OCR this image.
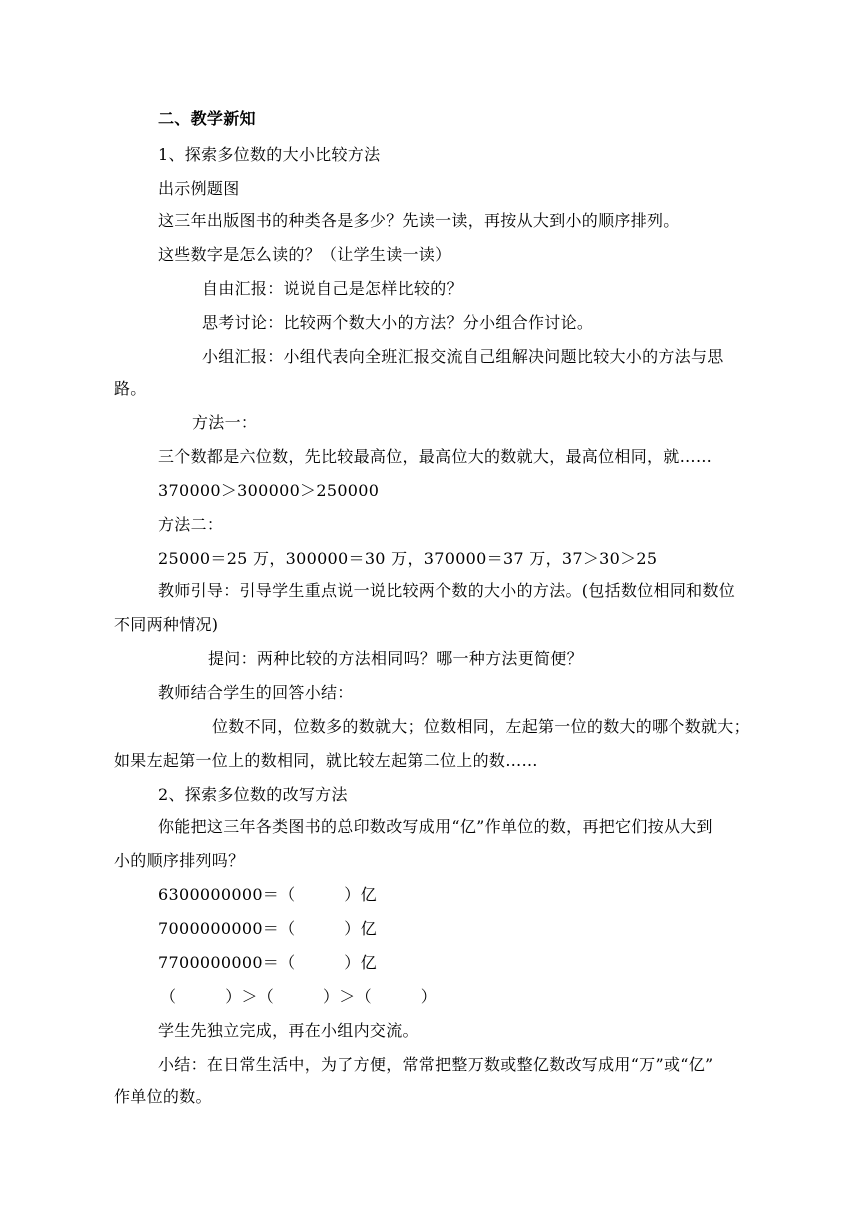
二、教学新知
1、探索多位数的大小比较方法
出示例题图
这三年出版图书的种类各是多少？先读一读，再按从大到小的顺序排列。
这些数字是怎么读的？（让学生读一读）
自由汇报：说说自己是怎样比较的？
思考讨论：比较两个数大小的方法？分小组合作讨论。
小组汇报：小组代表向全班汇报交流自己组解决问题比较大小的方法与思
路。
方法一：
三个数都是六位数，先比较最高位，最高位大的数就大，最高位相同，就……
370000＞300000＞250000
方法二：
25000＝25 万，300000＝30 万，370000＝37 万，37＞30＞25
教师引导：引导学生重点说一说比较两个数的大小的方法。(包括数位相同和数位
不同两种情况)
提问：两种比较的方法相同吗？哪一种方法更简便？
教师结合学生的回答小结：
位数不同，位数多的数就大；位数相同，左起第一位的数大的哪个数就大；
如果左起第一位上的数相同，就比较左起第二位上的数……
2、探索多位数的改写方法
你能把这三年各类图书的总印数改写成用“亿”作单位的数，再把它们按从大到
小的顺序排列吗？
6300000000＝（　　　）亿
7000000000＝（　　　）亿
7700000000＝（　　　）亿
（　　　）＞（　　　）＞（　　　）
学生先独立完成，再在小组内交流。
小结：在日常生活中，为了方便，常常把整万数或整亿数改写成用“万”或“亿”
作单位的数。
